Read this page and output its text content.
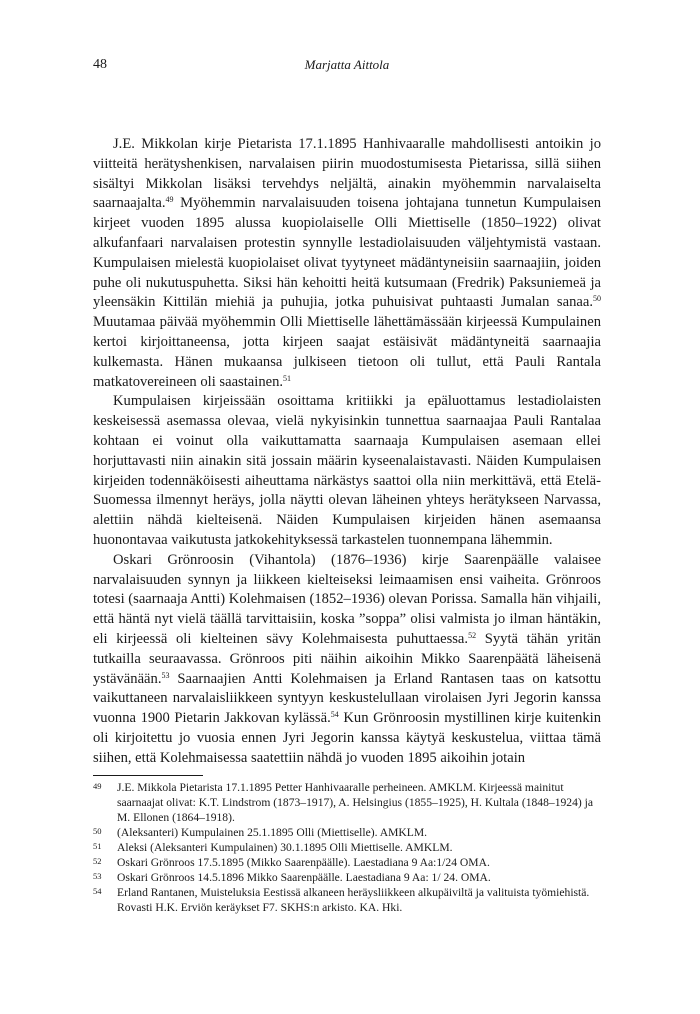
48	Marjatta Aittola

J.E. Mikkolan kirje Pietarista 17.1.1895 Hanhivaaralle mahdollisesti antoikin jo viitteitä herätyshenkisen, narvalaisen piirin muodostumisesta Pietarissa, sillä siihen sisältyi Mikkolan lisäksi tervehdys neljältä, ainakin myöhemmin narvalaiselta saarnaajalta.$^{49}$ Myöhemmin narvalaisuuden toisena johtajana tunnetun Kumpulaisen kirjeet vuoden 1895 alussa kuopiolaiselle Olli Miettiselle (1850–1922) olivat alkufanfaari narvalaisen protestin synnylle lestadiolaisuuden väljehtymistä vastaan. Kumpulaisen mielestä kuopiolaiset olivat tyytyneet mädäntyneisiin saarnaajiin, joiden puhe oli nukutuspuhetta. Siksi hän kehoitti heitä kutsumaan (Fredrik) Paksuniemeä ja yleensäkin Kittilän miehiä ja puhujia, jotka puhuisivat puhtaasti Jumalan sanaa.$^{50}$ Muutamaa päivää myöhemmin Olli Miettiselle lähettämässään kirjeessä Kumpulainen kertoi kirjoittaneensa, jotta kirjeen saajat estäisivät mädäntyneitä saarnaajia kulkemasta. Hänen mukaansa julkiseen tietoon oli tullut, että Pauli Rantala matkatovereineen oli saastainen.$^{51}$

Kumpulaisen kirjeissään osoittama kritiikki ja epäluottamus lestadiolaisten keskeisessä asemassa olevaa, vielä nykyisinkin tunnettua saarnaajaa Pauli Rantalaa kohtaan ei voinut olla vaikuttamatta saarnaaja Kumpulaisen asemaan ellei horjuttavasti niin ainakin sitä jossain määrin kyseenalaistavasti. Näiden Kumpulaisen kirjeiden todennäköisesti aiheuttama närkästys saattoi olla niin merkittävä, että Etelä-Suomessa ilmennyt heräys, jolla näytti olevan läheinen yhteys herätykseen Narvassa, alettiin nähdä kielteisenä. Näiden Kumpulaisen kirjeiden hänen asemaansa huonontavaa vaikutusta jatkokehityksessä tarkastelen tuonnempana lähemmin.

Oskari Grönroosin (Vihantola) (1876–1936) kirje Saarenpäälle valaisee narvalaisuuden synnyn ja liikkeen kielteiseksi leimaamisen ensi vaiheita. Grönroos totesi (saarnaaja Antti) Kolehmaisen (1852–1936) olevan Porissa. Samalla hän vihjaili, että häntä nyt vielä täällä tarvittaisiin, koska ”soppa” olisi valmista jo ilman häntäkin, eli kirjeessä oli kielteinen sävy Kolehmaisesta puhuttaessa.$^{52}$ Syytä tähän yritän tutkailla seuraavassa. Grönroos piti näihin aikoihin Mikko Saarenpäätä läheisenä ystävänään.$^{53}$ Saarnaajien Antti Kolehmaisen ja Erland Rantasen taas on katsottu vaikuttaneen narvalaisliikkeen syntyyn keskustelullaan virolaisen Jyri Jegorin kanssa vuonna 1900 Pietarin Jakkovan kylässä.$^{54}$ Kun Grönroosin mystillinen kirje kuitenkin oli kirjoitettu jo vuosia ennen Jyri Jegorin kanssa käytyä keskustelua, viittaa tämä siihen, että Kolehmaisessa saatettiin nähdä jo vuoden 1895 aikoihin jotain

49	J.E. Mikkola Pietarista 17.1.1895 Petter Hanhivaaralle perheineen. AMKLM. Kirjeessä mainitut saarnaajat olivat: K.T. Lindstrom (1873–1917), A. Helsingius (1855–1925), H. Kultala (1848–1924) ja M. Ellonen (1864–1918).
50	(Aleksanteri) Kumpulainen 25.1.1895 Olli (Miettiselle). AMKLM.
51	Aleksi (Aleksanteri Kumpulainen) 30.1.1895 Olli Miettiselle. AMKLM.
52	Oskari Grönroos 17.5.1895 (Mikko Saarenpäälle). Laestadiana 9 Aa:1/24 OMA.
53	Oskari Grönroos 14.5.1896 Mikko Saarenpäälle. Laestadiana 9 Aa: 1/ 24. OMA.
54	Erland Rantanen, Muisteluksia Eestissä alkaneen heräysliikkeen alkupäiviltä ja valituista työmiehistä. Rovasti H.K. Erviön keräykset F7. SKHS:n arkisto. KA. Hki.
